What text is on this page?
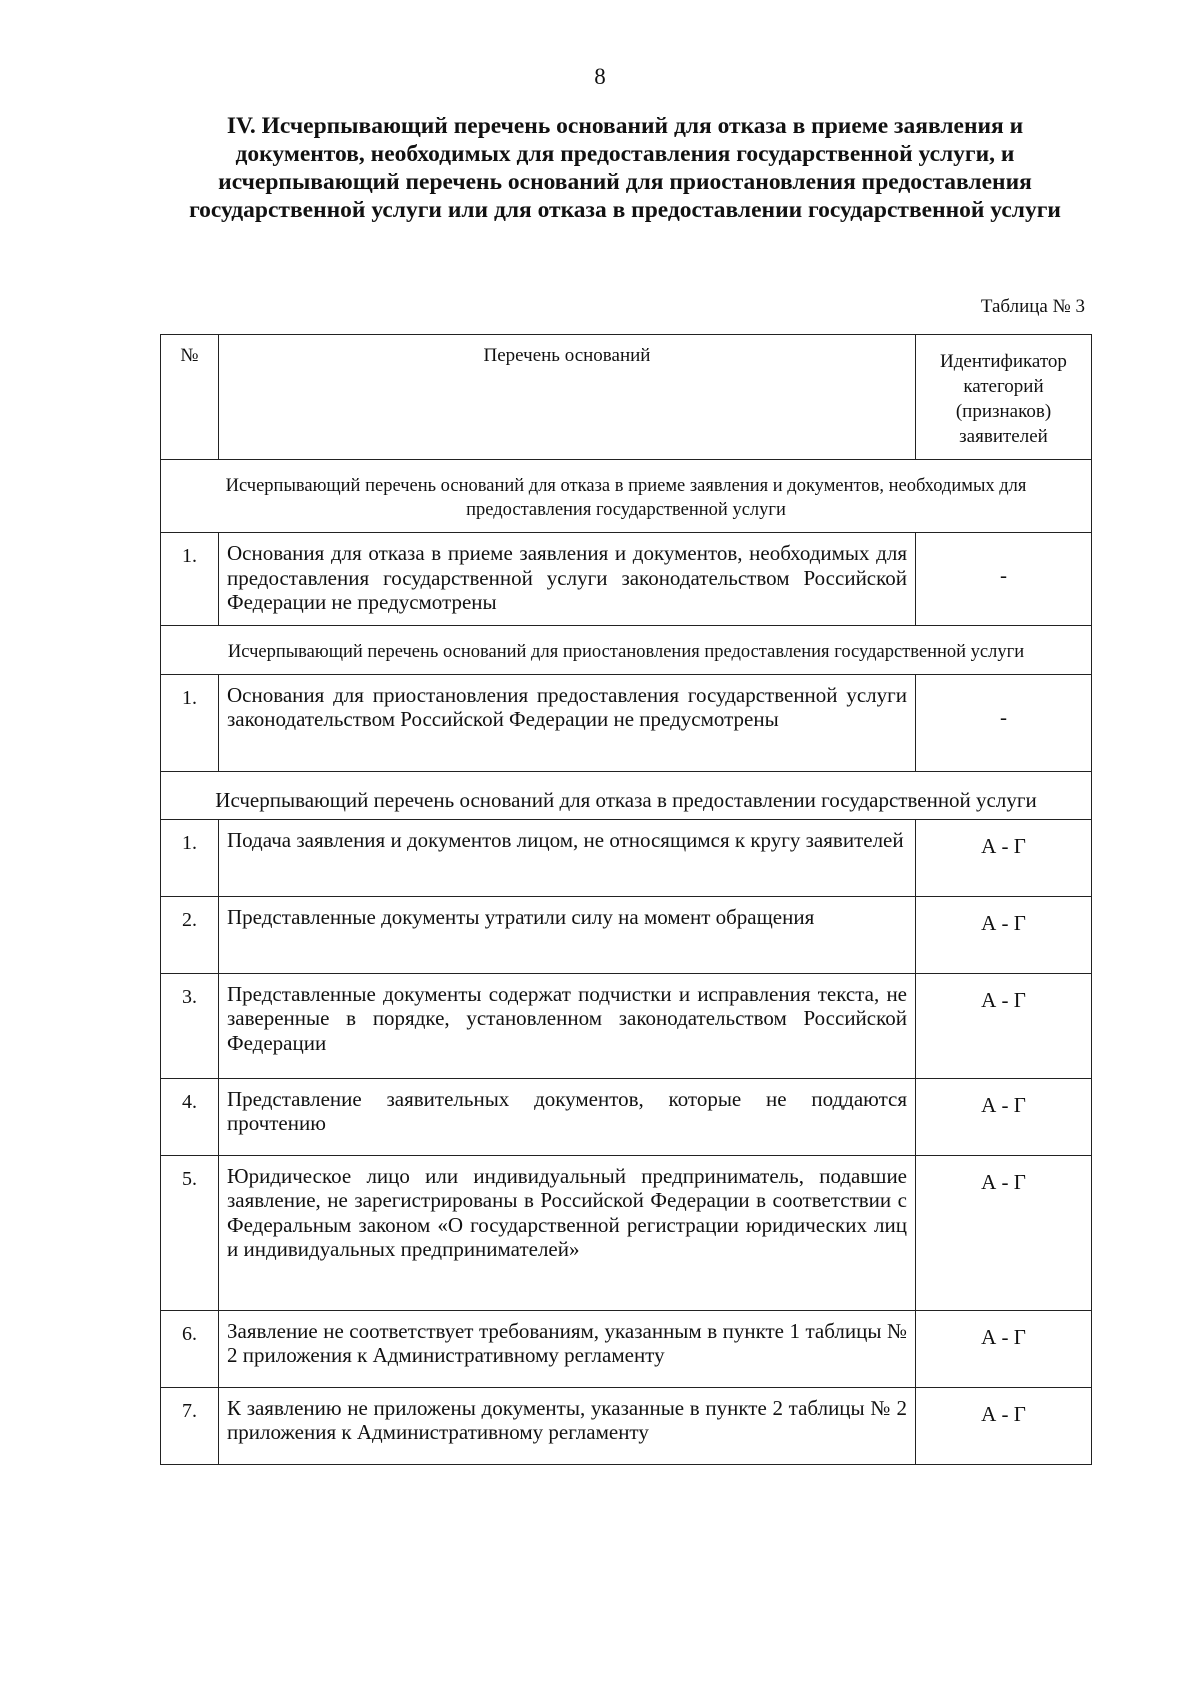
8
IV. Исчерпывающий перечень оснований для отказа в приеме заявления и документов, необходимых для предоставления государственной услуги, и исчерпывающий перечень оснований для приостановления предоставления государственной услуги или для отказа в предоставлении государственной услуги
Таблица № 3
№	Перечень оснований	Идентификатор категорий (признаков) заявителей
Исчерпывающий перечень оснований для отказа в приеме заявления и документов, необходимых для предоставления государственной услуги		
1.	Основания для отказа в приеме заявления и документов, необходимых для предоставления государственной услуги законодательством Российской Федерации не предусмотрены	-
Исчерпывающий перечень оснований для приостановления предоставления государственной услуги		
1.	Основания для приостановления предоставления государственной услуги законодательством Российской Федерации не предусмотрены	-
Исчерпывающий перечень оснований для отказа в предоставлении государственной услуги		
1.	Подача заявления и документов лицом, не относящимся к кругу заявителей	А - Г
2.	Представленные документы утратили силу на момент обращения	А - Г
3.	Представленные документы содержат подчистки и исправления текста, не заверенные в порядке, установленном законодательством Российской Федерации	А - Г
4.	Представление заявительных документов, которые не поддаются прочтению	А - Г
5.	Юридическое лицо или индивидуальный предприниматель, подавшие заявление, не зарегистрированы в Российской Федерации в соответствии с Федеральным законом «О государственной регистрации юридических лиц и индивидуальных предпринимателей»	А - Г
6.	Заявление не соответствует требованиям, указанным в пункте 1 таблицы № 2 приложения к Административному регламенту	А - Г
7.	К заявлению не приложены документы, указанные в пункте 2 таблицы № 2 приложения к Административному регламенту	А - Г
